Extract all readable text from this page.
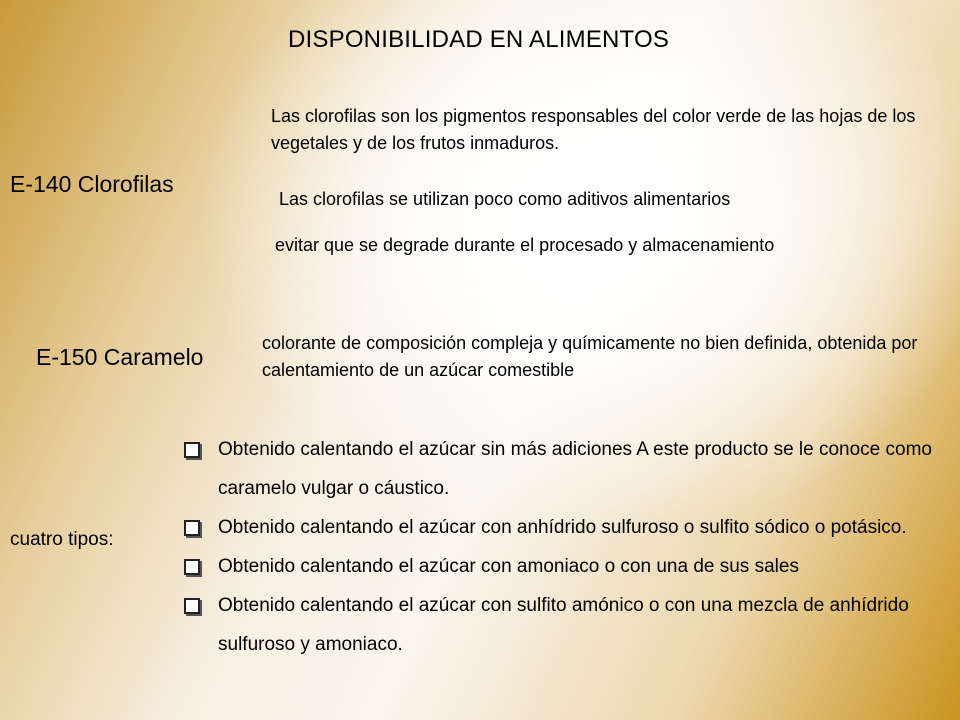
DISPONIBILIDAD EN ALIMENTOS
E-140 Clorofilas
Las clorofilas son los pigmentos responsables del color verde de las hojas de los vegetales y de los frutos inmaduros.
Las clorofilas se utilizan poco como aditivos alimentarios
evitar que se degrade durante el procesado y almacenamiento
E-150 Caramelo
colorante de composición compleja y químicamente no bien definida, obtenida por calentamiento de un azúcar comestible
cuatro tipos:
Obtenido calentando el azúcar sin más adiciones A este producto se le conoce como caramelo vulgar o cáustico.
Obtenido calentando el azúcar con anhídrido sulfuroso o sulfito sódico o potásico.
Obtenido calentando el azúcar con amoniaco o con una de sus sales
Obtenido calentando el azúcar con sulfito amónico o con una mezcla de anhídrido sulfuroso y amoniaco.
